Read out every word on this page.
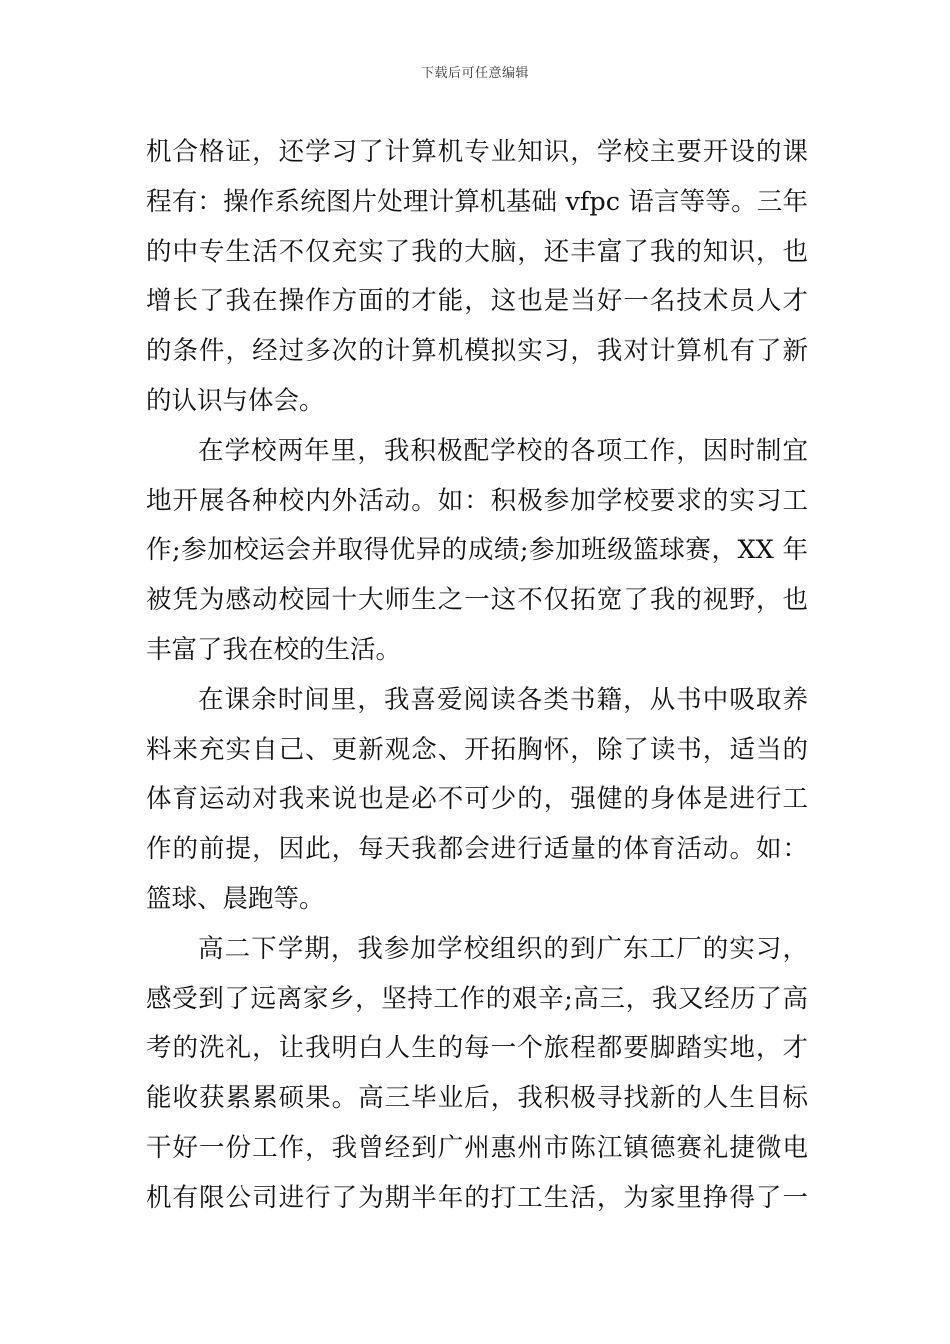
下载后可任意编辑
机合格证，还学习了计算机专业知识，学校主要开设的课
程有：操作系统图片处理计算机基础 vfpc 语言等等。三年
的中专生活不仅充实了我的大脑，还丰富了我的知识，也
增长了我在操作方面的才能，这也是当好一名技术员人才
的条件，经过多次的计算机模拟实习，我对计算机有了新
的认识与体会。
在学校两年里，我积极配学校的各项工作，因时制宜
地开展各种校内外活动。如：积极参加学校要求的实习工
作;参加校运会并取得优异的成绩;参加班级篮球赛，XX 年
被凭为感动校园十大师生之一这不仅拓宽了我的视野，也
丰富了我在校的生活。
在课余时间里，我喜爱阅读各类书籍，从书中吸取养
料来充实自己、更新观念、开拓胸怀，除了读书，适当的
体育运动对我来说也是必不可少的，强健的身体是进行工
作的前提，因此，每天我都会进行适量的体育活动。如：
篮球、晨跑等。
高二下学期，我参加学校组织的到广东工厂的实习，
感受到了远离家乡，坚持工作的艰辛;高三，我又经历了高
考的洗礼，让我明白人生的每一个旅程都要脚踏实地，才
能收获累累硕果。高三毕业后，我积极寻找新的人生目标
干好一份工作，我曾经到广州惠州市陈江镇德赛礼捷微电
机有限公司进行了为期半年的打工生活，为家里挣得了一
